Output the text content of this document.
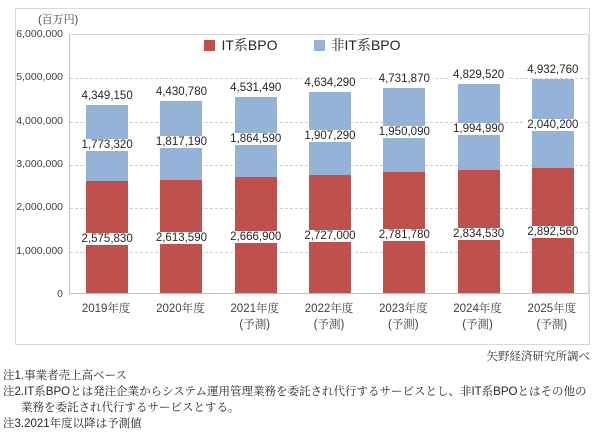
(百万円)
IT系BPO	非IT系BPO
2,575,830
1,773,320
4,349,150
2,613,590
1,817,190
4,430,780
2,666,900
1,864,590
4,531,490
2,727,000
1,907,290
4,634,290
2,781,780
1,950,090
4,731,870
2,834,530
1,994,990
4,829,520
2,892,560
2,040,200
4,932,760
0
1,000,000
2,000,000
3,000,000
4,000,000
5,000,000
6,000,000
2019年度 2020年度 2021年度
(予測)
2022年度
(予測)
2023年度
(予測)
2024年度
(予測)
2025年度
(予測)
矢野経済研究所調べ
注1.事業者売上高ベース
注2.IT系BPOとは発注企業からシステム運用管理業務を委託され代行するサービスとし、非IT系BPOとはその他の
業務を委託され代行するサービスとする。
注3.2021年度以降は予測値
